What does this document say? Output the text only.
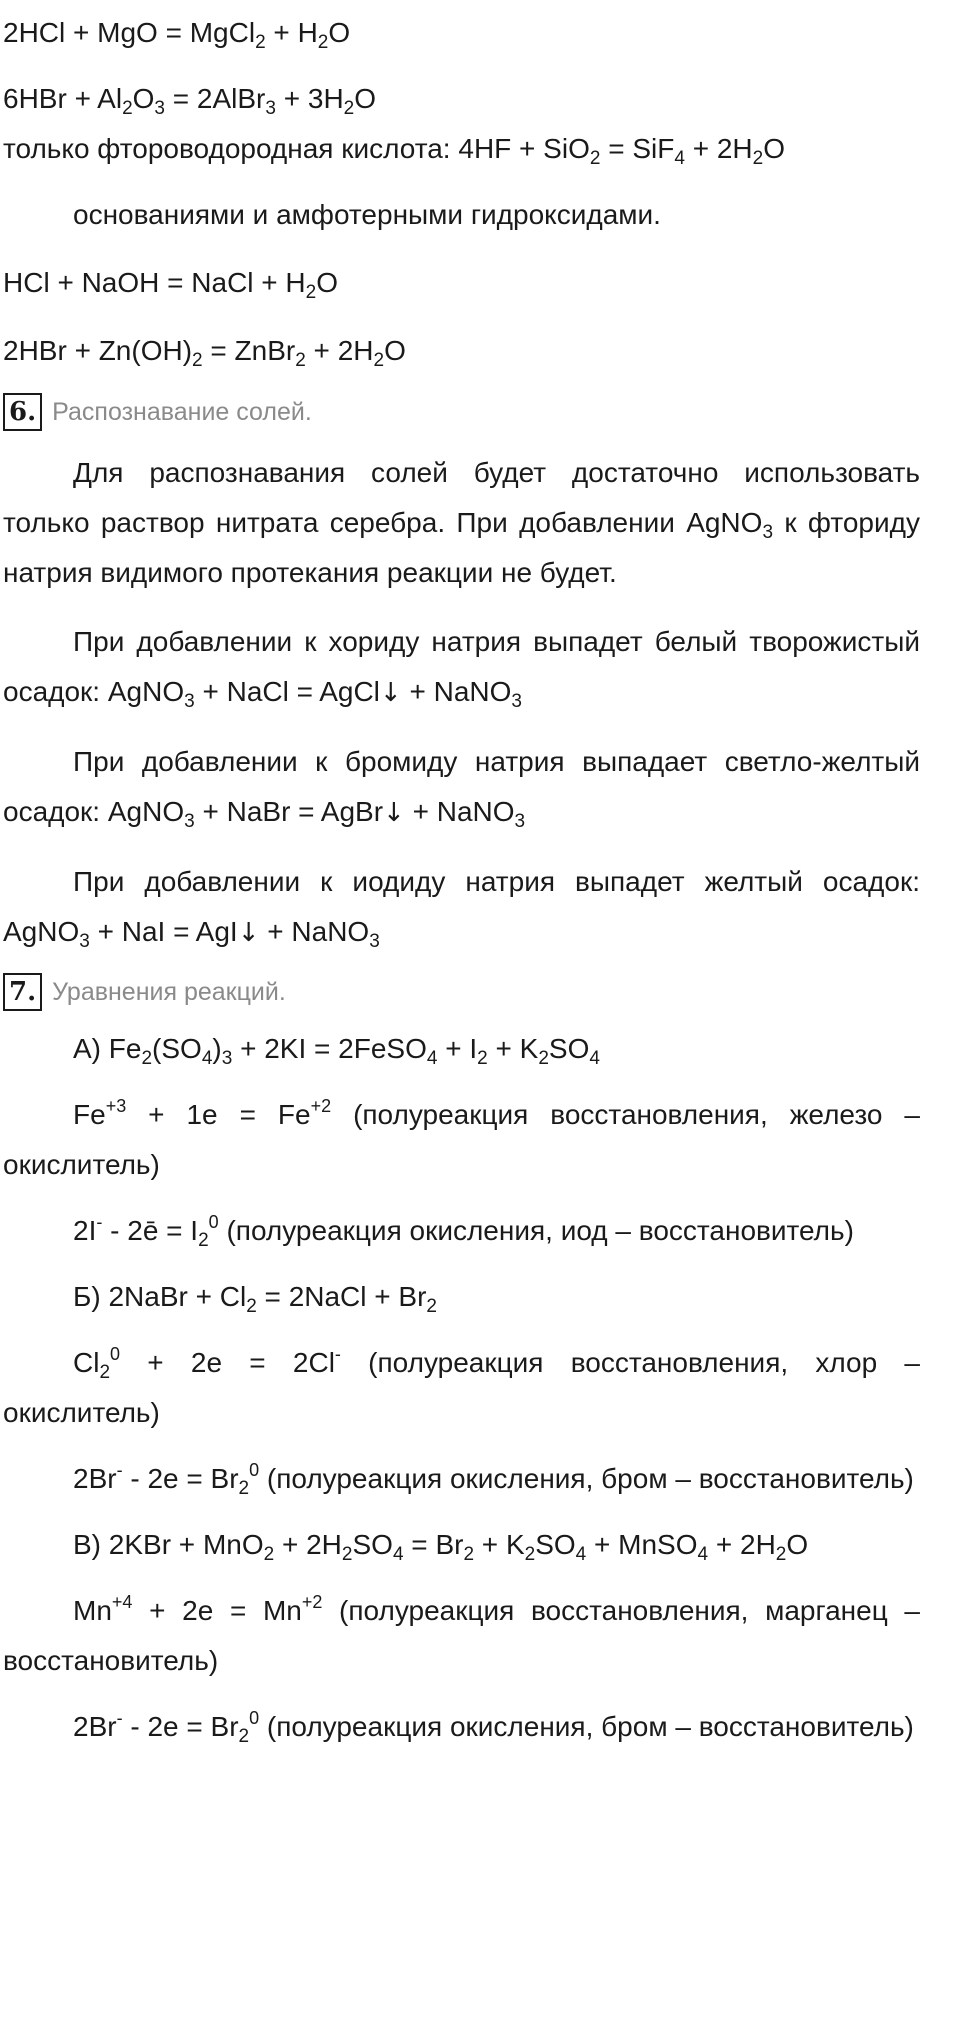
2HCl + MgO = MgCl$_2$ + $H_2O$
$6HBr + Al_2O_3$ = 2AlBr$_3$ + $3H_2O$
только фтороводородная кислота: $4HF + SiO_2 = SiF_4 + 2H_2O$
основаниями и амфотерными гидроксидами.
HCl + NaOH = NaCl + $H_2O$
$2HBr + Zn(OH)_2$ = ZnBr$_2$ + $2H_2O$
6. Распознавание солей.
Для распознавания солей будет достаточно использовать только раствор нитрата серебра. При добавлении AgNO$_3$ к фториду натрия видимого протекания реакции не будет.
При добавлении к хориду натрия выпадет белый творожистый осадок: AgNO$_3$ + NaCl = AgCl↓ + NaNO$_3$
При добавлении к бромиду натрия выпадает светло-желтый осадок: AgNO$_3$ + NaBr = AgBr↓ + NaNO$_3$
При добавлении к иодиду натрия выпадет желтый осадок: AgNO$_3$ + NaI = AgI↓ + NaNO$_3$
7. Уравнения реакций.
А) $Fe_2(SO_4)_3 + 2KI$ = 2FeSO$_4$ + $I_2 + K_2SO_4$
$Fe^{+3} + 1e = Fe^{+2}$ (полуреакция восстановления, железо – окислитель)
2I- - 2ē = $I_2^0$ (полуреакция окисления, иод – восстановитель)
Б) 2NaBr + $Cl_2$ = 2NaCl + $Br_2$
$Cl_2^0 + 2e = 2Cl^-$ (полуреакция восстановления, хлор – окислитель)
$2Br^- - 2e = Br_2^0$ (полуреакция окисления, бром – восстановитель)
В) $2KBr + MnO_2 + 2H_2SO_4 = Br_2 + K_2SO_4$ + MnSO$_4$ + $2H_2O$
$Mn^{+4} + 2e = Mn^{+2}$ (полуреакция восстановления, марганец – восстановитель)
$2Br^- - 2e = Br_2^0$ (полуреакция окисления, бром – восстановитель)
